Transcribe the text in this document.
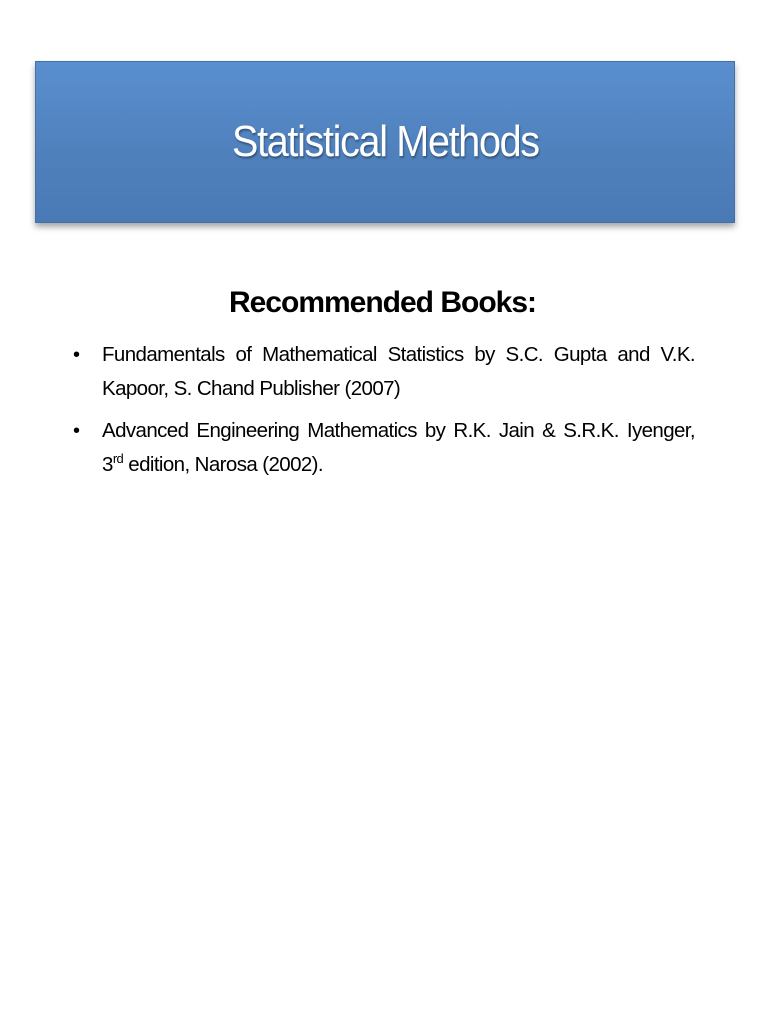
Statistical Methods
Recommended Books:
• Fundamentals of Mathematical Statistics by S.C. Gupta and V.K. Kapoor, S. Chand Publisher (2007)
• Advanced Engineering Mathematics by R.K. Jain & S.R.K. Iyenger, 3rd edition, Narosa (2002).
